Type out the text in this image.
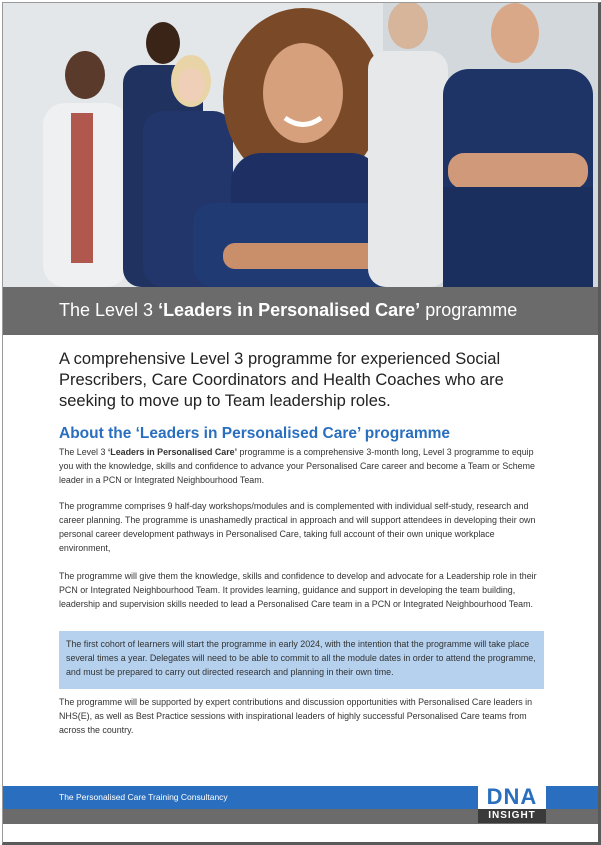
The Level 3 ‘Leaders in Personalised Care’ programme
A comprehensive Level 3 programme for experienced Social Prescribers, Care Coordinators and Health Coaches who are seeking to move up to Team leadership roles.
About the ‘Leaders in Personalised Care’ programme
The Level 3 ‘Leaders in Personalised Care’ programme is a comprehensive 3-month long, Level 3 programme to equip you with the knowledge, skills and confidence to advance your Personalised Care career and become a Team or Scheme leader in a PCN or Integrated Neighbourhood Team.
The programme comprises 9 half-day workshops/modules and is complemented with individual self-study, research and career planning. The programme is unashamedly practical in approach and will support attendees in developing their own personal career development pathways in Personalised Care, taking full account of their own unique workplace environment,
The programme will give them the knowledge, skills and confidence to develop and advocate for a Leadership role in their PCN or Integrated Neighbourhood Team. It provides learning, guidance and support in developing the team building, leadership and supervision skills needed to lead a Personalised Care team in a PCN or Integrated Neighbourhood Team.
The first cohort of learners will start the programme in early 2024, with the intention that the programme will take place several times a year. Delegates will need to be able to commit to all the module dates in order to attend the programme, and must be prepared to carry out directed research and planning in their own time.
The programme will be supported by expert contributions and discussion opportunities with Personalised Care leaders in NHS(E), as well as Best Practice sessions with inspirational leaders of highly successful Personalised Care teams from across the country.
The Personalised Care Training Consultancy	DNA
INSIGHT
